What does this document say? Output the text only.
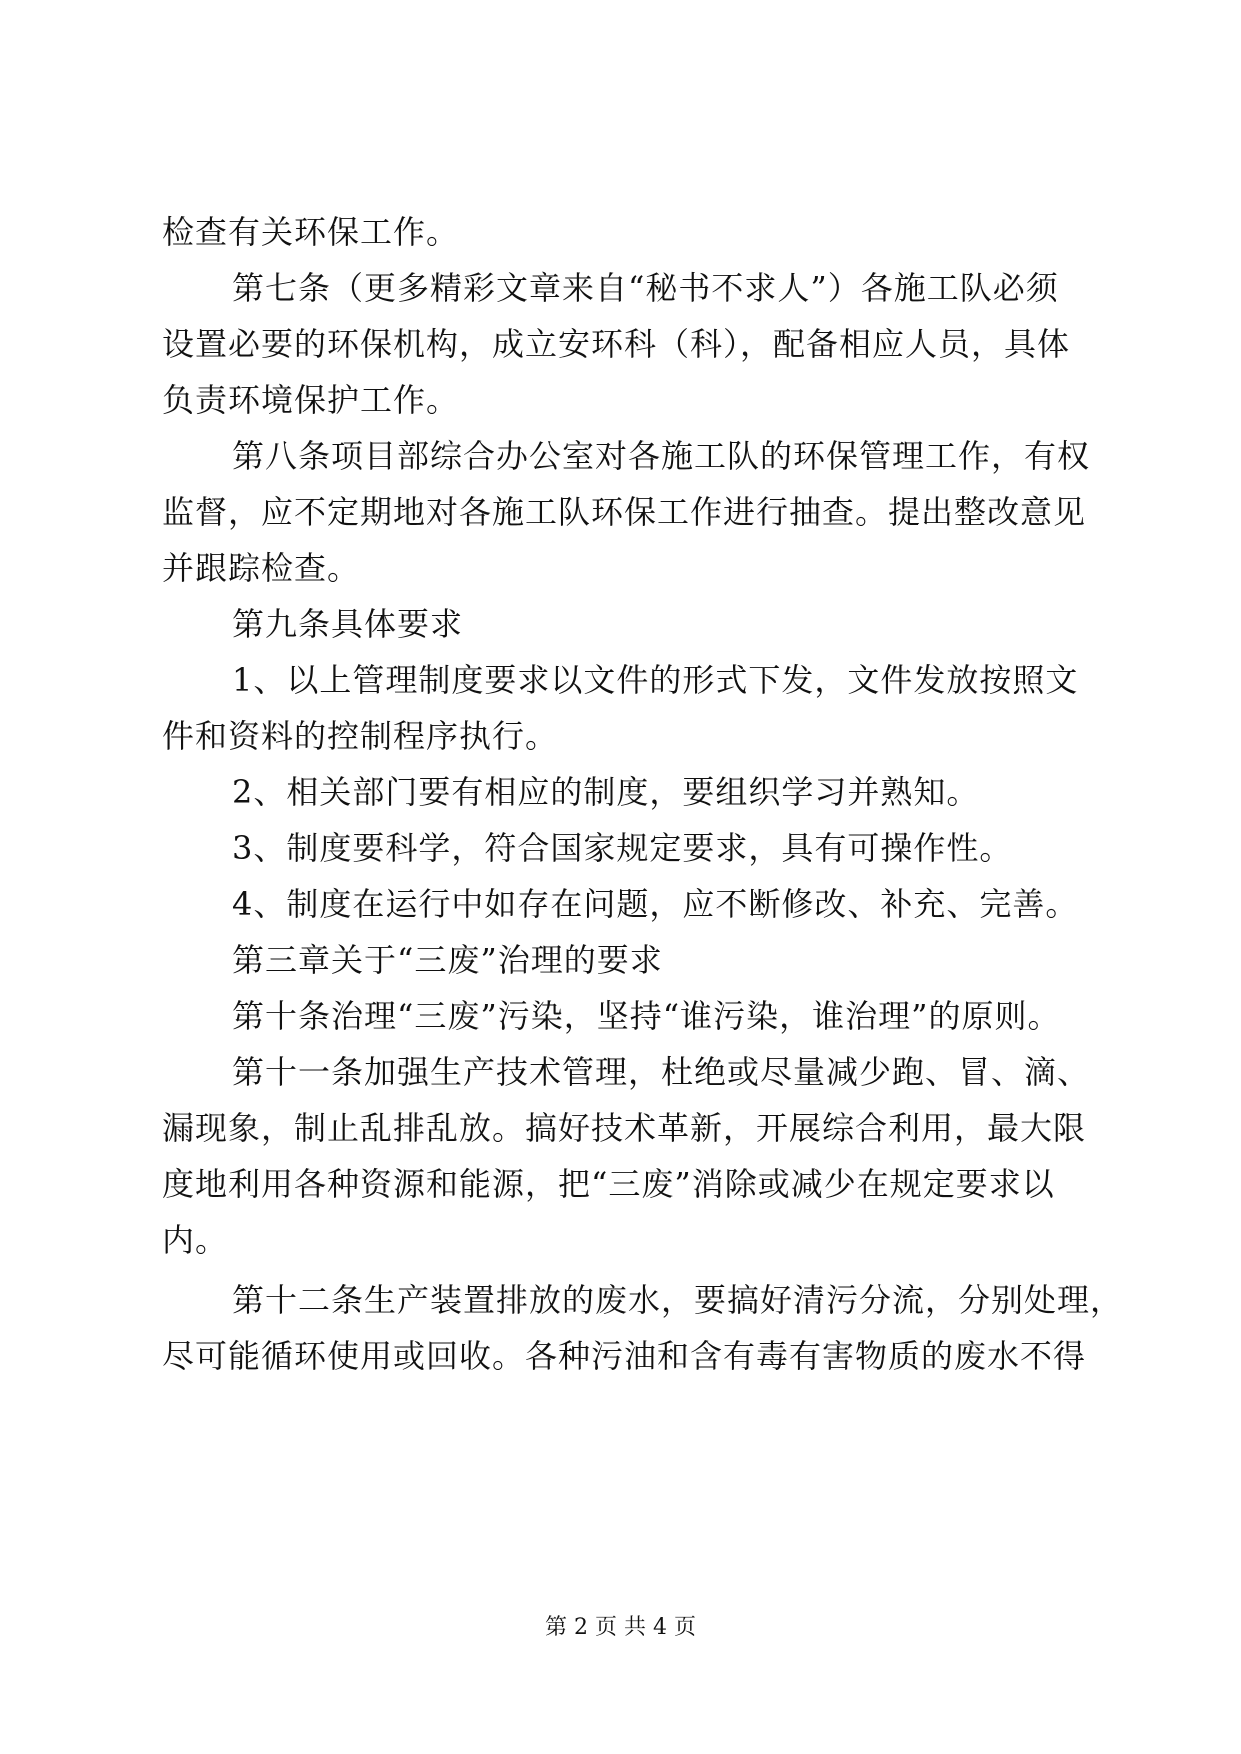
检查有关环保工作。
第七条（更多精彩文章来自“秘书不求人”）各施工队必须
设置必要的环保机构，成立安环科（科），配备相应人员，具体
负责环境保护工作。
第八条项目部综合办公室对各施工队的环保管理工作，有权
监督，应不定期地对各施工队环保工作进行抽查。提出整改意见
并跟踪检查。
第九条具体要求
1、以上管理制度要求以文件的形式下发，文件发放按照文
件和资料的控制程序执行。
2、相关部门要有相应的制度，要组织学习并熟知。
3、制度要科学，符合国家规定要求，具有可操作性。
4、制度在运行中如存在问题，应不断修改、补充、完善。
第三章关于“三废”治理的要求
第十条治理“三废”污染，坚持“谁污染，谁治理”的原则。
第十一条加强生产技术管理，杜绝或尽量减少跑、冒、滴、
漏现象，制止乱排乱放。搞好技术革新，开展综合利用，最大限
度地利用各种资源和能源，把“三废”消除或减少在规定要求以
内。
第十二条生产装置排放的废水，要搞好清污分流，分别处理，
尽可能循环使用或回收。各种污油和含有毒有害物质的废水不得
第 2 页 共 4 页
